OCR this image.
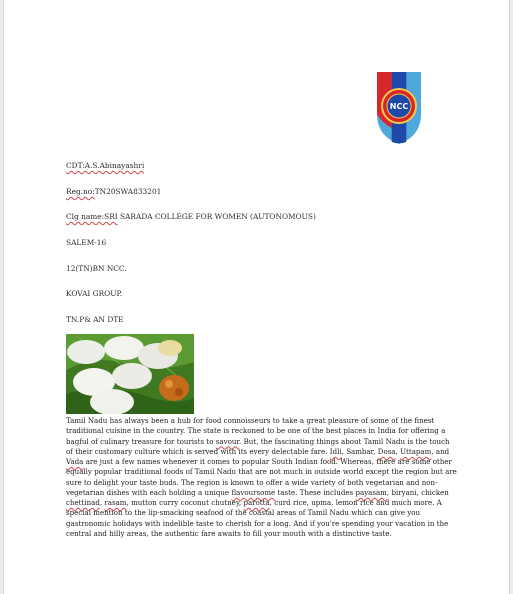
NCC
CDT:A.S.Abinayashri
Reg.no:TN20SWA833201
Clg name:SRI SARADA COLLEGE FOR WOMEN (AUTONOMOUS)
SALEM-16
12(TN)BN NCC.
KOVAI GROUP.
TN.P& AN DTE
Tamil Nadu has always been a hub for food connoisseurs to take a great pleasure of some of the finest traditional cuisine in the country. The state is reckoned to be one of the best places in India for offering a bagful of culinary treasure for tourists to savour. But, the fascinating things about Tamil Nadu is the touch of their customary culture which is served with its every delectable fare. Idli, Sambar, Dosa, Uttapam, and Vada are just a few names whenever it comes to popular South Indian food. Whereas, there are some other equally popular traditional foods of Tamil Nadu that are not much in outside world except the region but are sure to delight your taste buds. The region is known to offer a wide variety of both vegetarian and non-vegetarian dishes with each holding a unique flavoursome taste. These includes payasam, biryani, chicken chettinad, rasam, mutton curry coconut chutney, parotta, curd rice, upma, lemon rice and much more. A special mention to the lip-smacking seafood of the coastal areas of Tamil Nadu which can give you gastronomic holidays with indelible taste to cherish for a long. And if you're spending your vacation in the central and hilly areas, the authentic fare awaits to fill your mouth with a distinctive taste.
